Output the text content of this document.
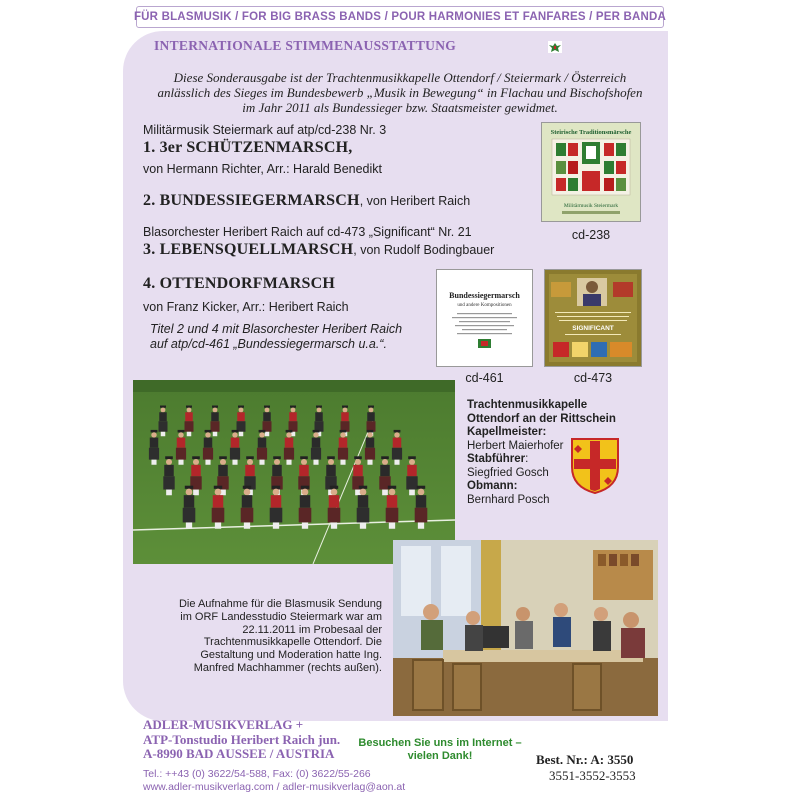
FÜR BLASMUSIK / FOR BIG BRASS BANDS / POUR HARMONIES ET FANFARES / PER BANDA
INTERNATIONALE STIMMENAUSSTATTUNG
Diese Sonderausgabe ist der Trachtenmusikkapelle Ottendorf / Steiermark / Österreich
anlässlich des Sieges im Bundesbewerb „Musik in Bewegung“ in Flachau und Bischofshofen
im Jahr 2011 als Bundessieger bzw. Staatsmeister gewidmet.
Militärmusik Steiermark auf atp/cd-238 Nr. 3
1. 3er SCHÜTZENMARSCH,
von Hermann Richter, Arr.: Harald Benedikt
2. BUNDESSIEGERMARSCH, von Heribert Raich
Blasorchester Heribert Raich auf cd-473 „Significant“ Nr. 21
3. LEBENSQUELLMARSCH, von Rudolf Bodingbauer
4. OTTENDORFMARSCH
von Franz Kicker, Arr.: Heribert Raich
Titel 2 und 4 mit Blasorchester Heribert Raich
auf atp/cd-461 „Bundessiegermarsch u.a.“.
Steirische Traditionsmärsche
Militärmusik Steiermark
cd-238
Bundessiegermarsch
und andere Kompositionen
cd-461
SIGNIFICANT
cd-473
Trachtenmusikkapelle
Ottendorf an der Rittschein
Kapellmeister:
Herbert Maierhofer
Stabführer:
Siegfried Gosch
Obmann:
Bernhard Posch
Die Aufnahme für die Blasmusik Sendung im ORF Landesstudio Steiermark war am 22.11.2011 im Probesaal der Trachtenmusikkapelle Ottendorf. Die Gestaltung und Moderation hatte Ing. Manfred Machhammer (rechts außen).
ADLER-MUSIKVERLAG +
ATP-Tonstudio Heribert Raich jun.
A-8990 BAD AUSSEE / AUSTRIA
Tel.: ++43 (0) 3622/54-588, Fax: (0) 3622/55-266
www.adler-musikverlag.com / adler-musikverlag@aon.at
Besuchen Sie uns im Internet –
vielen Dank!	Best. Nr.: A: 3550
3551-3552-3553
